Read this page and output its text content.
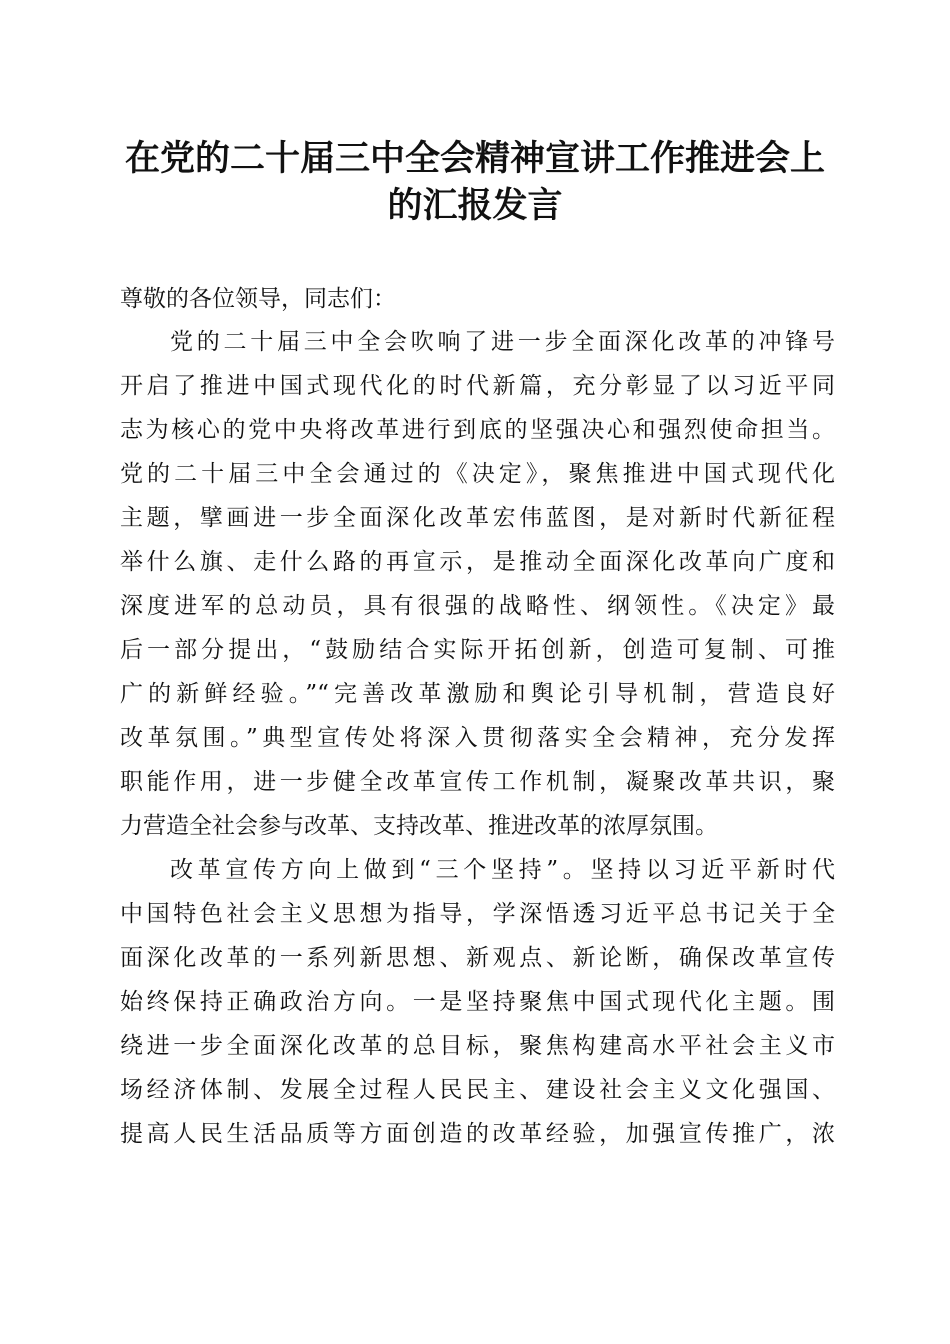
在党的二十届三中全会精神宣讲工作推进会上
的汇报发言
尊敬的各位领导，同志们：
党的二十届三中全会吹响了进一步全面深化改革的冲锋号
开启了推进中国式现代化的时代新篇，充分彰显了以习近平同
志为核心的党中央将改革进行到底的坚强决心和强烈使命担当。
党的二十届三中全会通过的《决定》，聚焦推进中国式现代化
主题，擘画进一步全面深化改革宏伟蓝图，是对新时代新征程
举什么旗、走什么路的再宣示，是推动全面深化改革向广度和
深度进军的总动员，具有很强的战略性、纲领性。《决定》最
后一部分提出，“鼓励结合实际开拓创新，创造可复制、可推
广的新鲜经验。”“完善改革激励和舆论引导机制，营造良好
改革氛围。”典型宣传处将深入贯彻落实全会精神，充分发挥
职能作用，进一步健全改革宣传工作机制，凝聚改革共识，聚
力营造全社会参与改革、支持改革、推进改革的浓厚氛围。
改革宣传方向上做到“三个坚持”。坚持以习近平新时代
中国特色社会主义思想为指导，学深悟透习近平总书记关于全
面深化改革的一系列新思想、新观点、新论断，确保改革宣传
始终保持正确政治方向。一是坚持聚焦中国式现代化主题。围
绕进一步全面深化改革的总目标，聚焦构建高水平社会主义市
场经济体制、发展全过程人民民主、建设社会主义文化强国、
提高人民生活品质等方面创造的改革经验，加强宣传推广，浓
